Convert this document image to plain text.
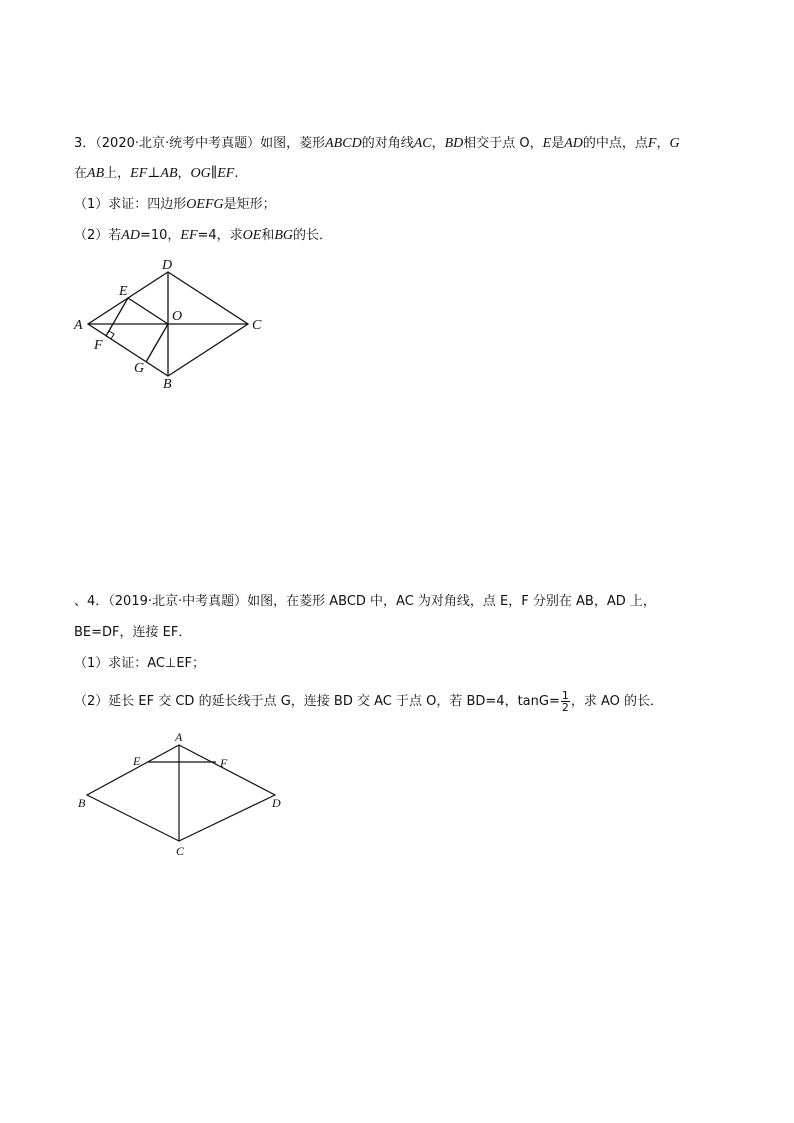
3．（2020·北京·统考中考真题）如图，菱形ABCD的对角线AC，BD相交于点 O，E是AD的中点，点F，G
在AB上，EF⊥AB，OG∥EF.
（1）求证：四边形OEFG是矩形；
（2）若AD=10，EF=4，求OE和BG的长．
D
E
A
O
C
F
G
B
、4．（2019·北京·中考真题）如图，在菱形 ABCD 中，AC 为对角线，点 E，F 分别在 AB，AD 上，
BE=DF，连接 EF．
（1）求证：AC⊥EF；
（2）延长 EF 交 CD 的延长线于点 G，连接 BD 交 AC 于点 O，若 BD=4，$\tan G= \frac{1}{2}$ ，求 AO 的长．
A
E	F
B	D
C
